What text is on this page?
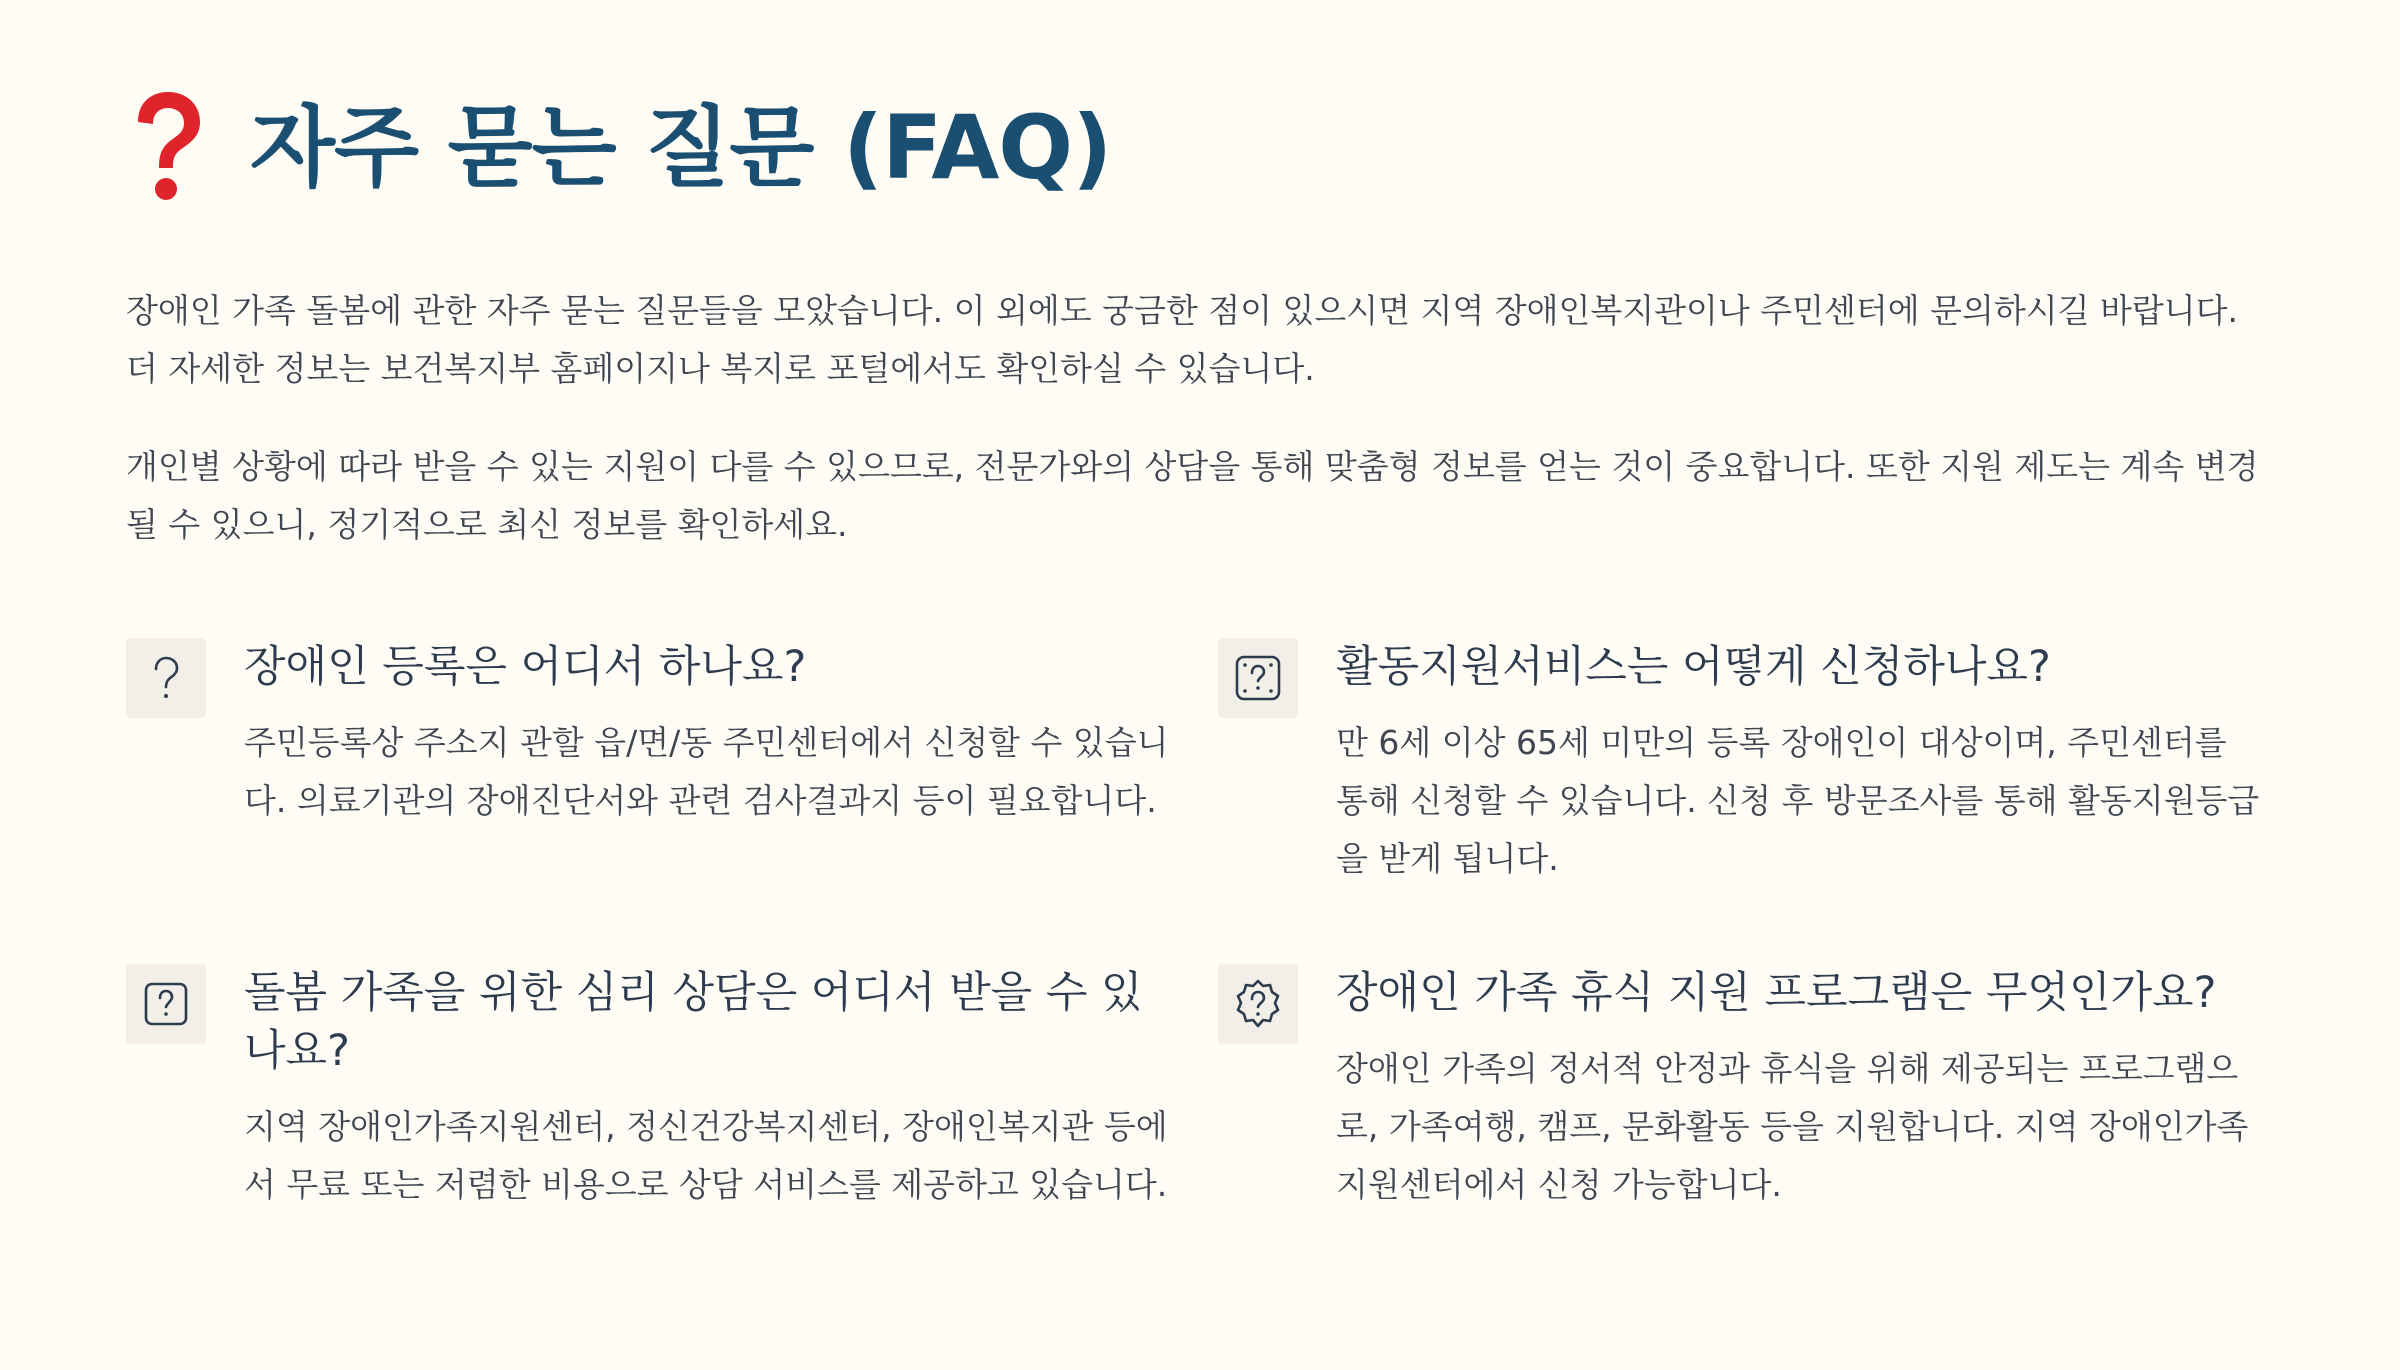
자주 묻는 질문 (FAQ)

장애인 가족 돌봄에 관한 자주 묻는 질문들을 모았습니다. 이 외에도 궁금한 점이 있으시면 지역 장애인복지관이나 주민센터에 문의하시길 바랍니다. 더 자세한 정보는 보건복지부 홈페이지나 복지로 포털에서도 확인하실 수 있습니다.

개인별 상황에 따라 받을 수 있는 지원이 다를 수 있으므로, 전문가와의 상담을 통해 맞춤형 정보를 얻는 것이 중요합니다. 또한 지원 제도는 계속 변경될 수 있으니, 정기적으로 최신 정보를 확인하세요.

장애인 등록은 어디서 하나요?

주민등록상 주소지 관할 읍/면/동 주민센터에서 신청할 수 있습니다. 의료기관의 장애진단서와 관련 검사결과지 등이 필요합니다.

활동지원서비스는 어떻게 신청하나요?

만 6세 이상 65세 미만의 등록 장애인이 대상이며, 주민센터를 통해 신청할 수 있습니다. 신청 후 방문조사를 통해 활동지원등급을 받게 됩니다.

돌봄 가족을 위한 심리 상담은 어디서 받을 수 있나요?

지역 장애인가족지원센터, 정신건강복지센터, 장애인복지관 등에서 무료 또는 저렴한 비용으로 상담 서비스를 제공하고 있습니다.

장애인 가족 휴식 지원 프로그램은 무엇인가요?

장애인 가족의 정서적 안정과 휴식을 위해 제공되는 프로그램으로, 가족여행, 캠프, 문화활동 등을 지원합니다. 지역 장애인가족지원센터에서 신청 가능합니다.
